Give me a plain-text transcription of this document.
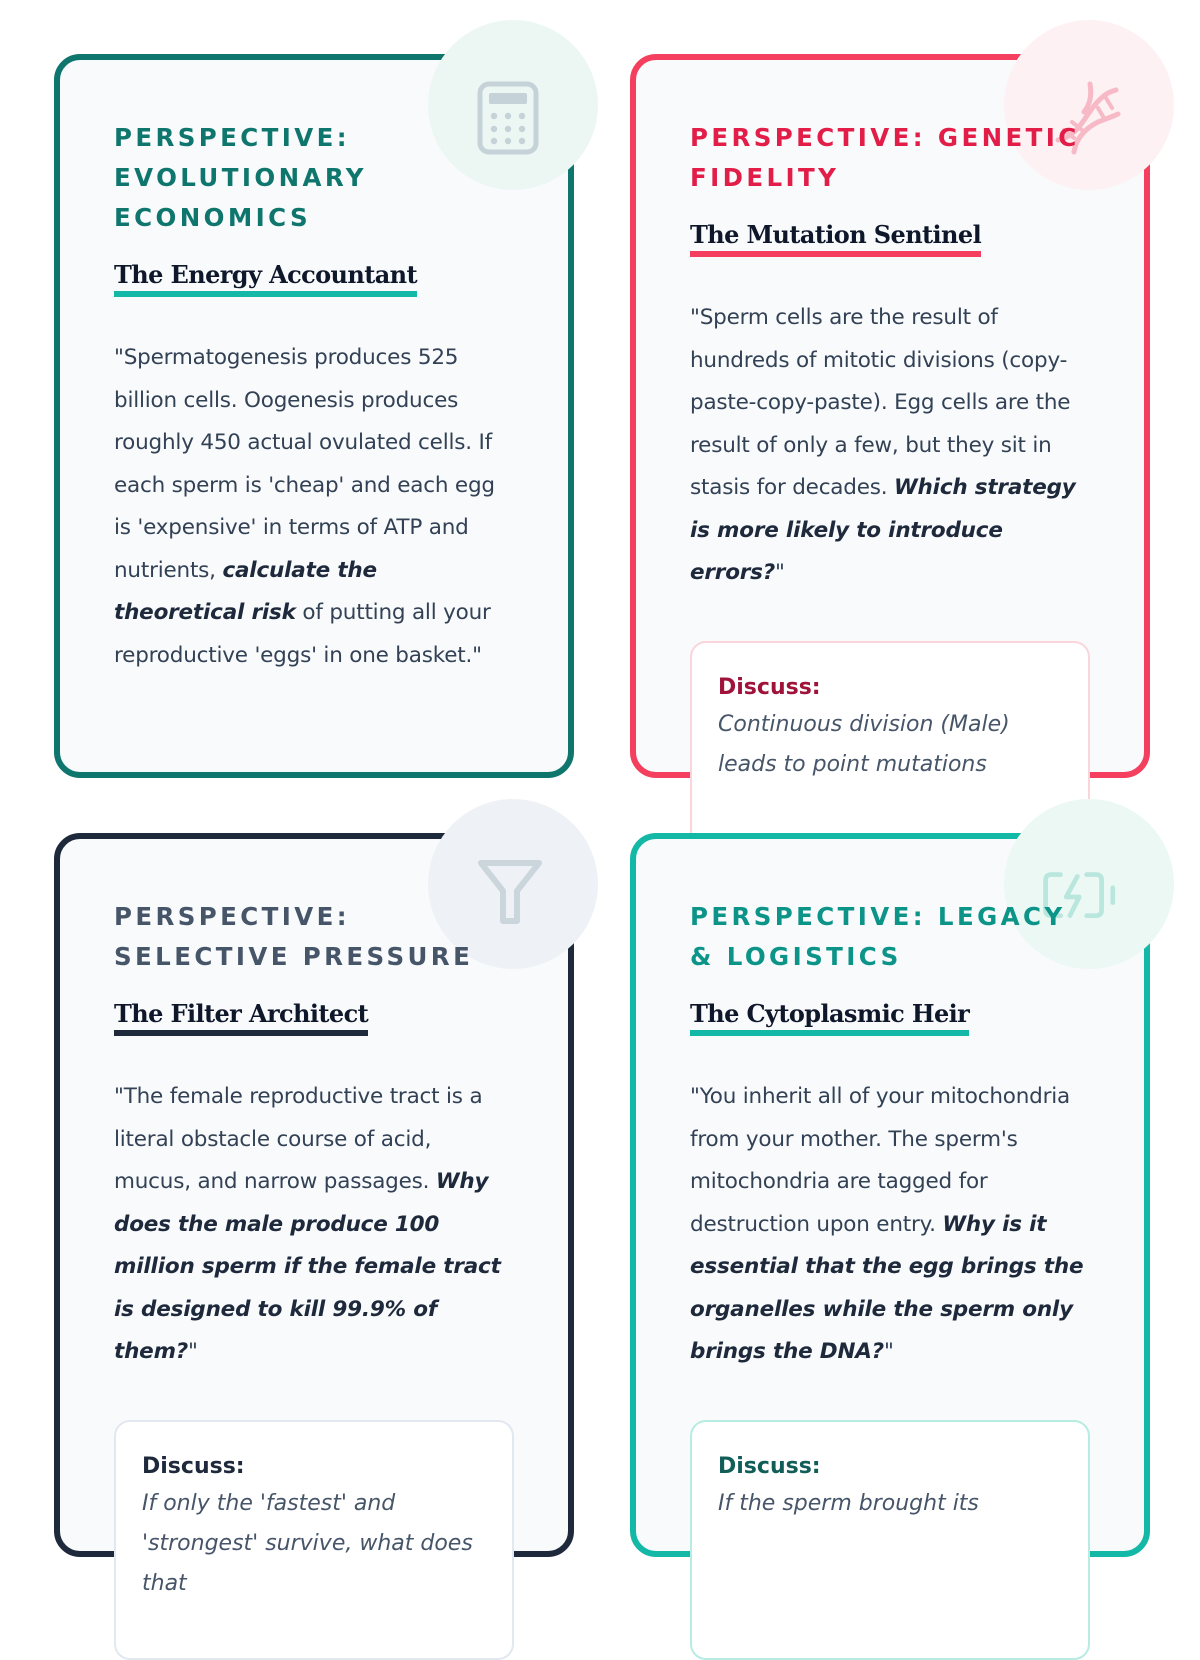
PERSPECTIVE: EVOLUTIONARY ECONOMICS

The Energy Accountant

"Spermatogenesis produces 525 billion cells. Oogenesis produces roughly 450 actual ovulated cells. If each sperm is 'cheap' and each egg is 'expensive' in terms of ATP and nutrients, calculate the theoretical risk of putting all your reproductive 'eggs' in one basket."

PERSPECTIVE: GENETIC FIDELITY

The Mutation Sentinel

"Sperm cells are the result of hundreds of mitotic divisions (copy-paste-copy-paste). Egg cells are the result of only a few, but they sit in stasis for decades. Which strategy is more likely to introduce errors?"

Discuss:
Continuous division (Male) leads to point mutations

PERSPECTIVE: SELECTIVE PRESSURE

The Filter Architect

"The female reproductive tract is a literal obstacle course of acid, mucus, and narrow passages. Why does the male produce 100 million sperm if the female tract is designed to kill 99.9% of them?"

Discuss:
If only the 'fastest' and 'strongest' survive, what does that

PERSPECTIVE: LEGACY & LOGISTICS

The Cytoplasmic Heir

"You inherit all of your mitochondria from your mother. The sperm's mitochondria are tagged for destruction upon entry. Why is it essential that the egg brings the organelles while the sperm only brings the DNA?"

Discuss:
If the sperm brought its
